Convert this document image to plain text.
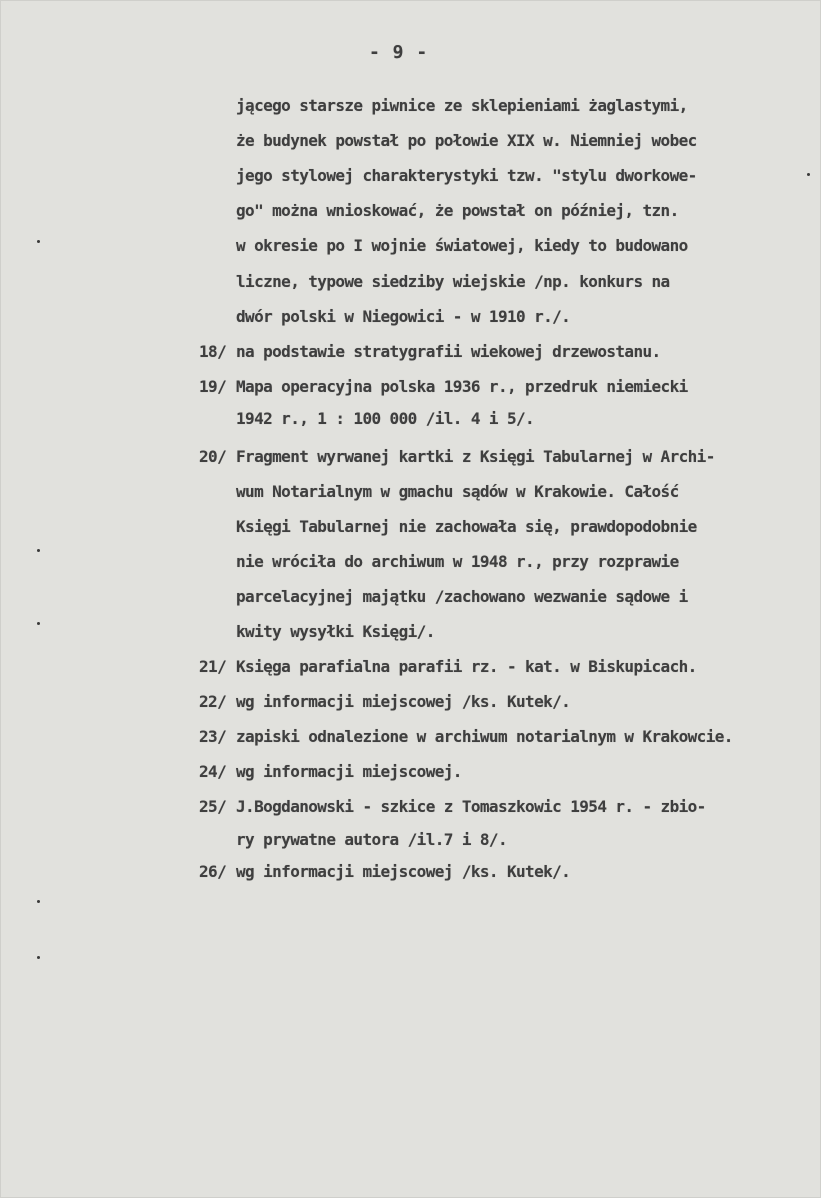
- 9 -
jącego starsze piwnice ze sklepieniami żaglastymi,
że budynek powstał po połowie XIX w. Niemniej wobec
jego stylowej charakterystyki tzw. "stylu dworkowe-
go" można wnioskować, że powstał on później, tzn.
w okresie po I wojnie światowej, kiedy to budowano
liczne, typowe siedziby wiejskie /np. konkurs na
dwór polski w Niegowici - w 1910 r./.
18/ na podstawie stratygrafii wiekowej drzewostanu.
19/ Mapa operacyjna polska 1936 r., przedruk niemiecki
1942 r., 1 : 100 000 /il. 4 i 5/.
20/ Fragment wyrwanej kartki z Księgi Tabularnej w Archi-
wum Notarialnym w gmachu sądów w Krakowie. Całość
Księgi Tabularnej nie zachowała się, prawdopodobnie
nie wróciła do archiwum w 1948 r., przy rozprawie
parcelacyjnej majątku /zachowano wezwanie sądowe i
kwity wysyłki Księgi/.
21/ Księga parafialna parafii rz. - kat. w Biskupicach.
22/ wg informacji miejscowej /ks. Kutek/.
23/ zapiski odnalezione w archiwum notarialnym w Krakowcie.
24/ wg informacji miejscowej.
25/ J.Bogdanowski - szkice z Tomaszkowic 1954 r. - zbio-
ry prywatne autora /il.7 i 8/.
26/ wg informacji miejscowej /ks. Kutek/.
